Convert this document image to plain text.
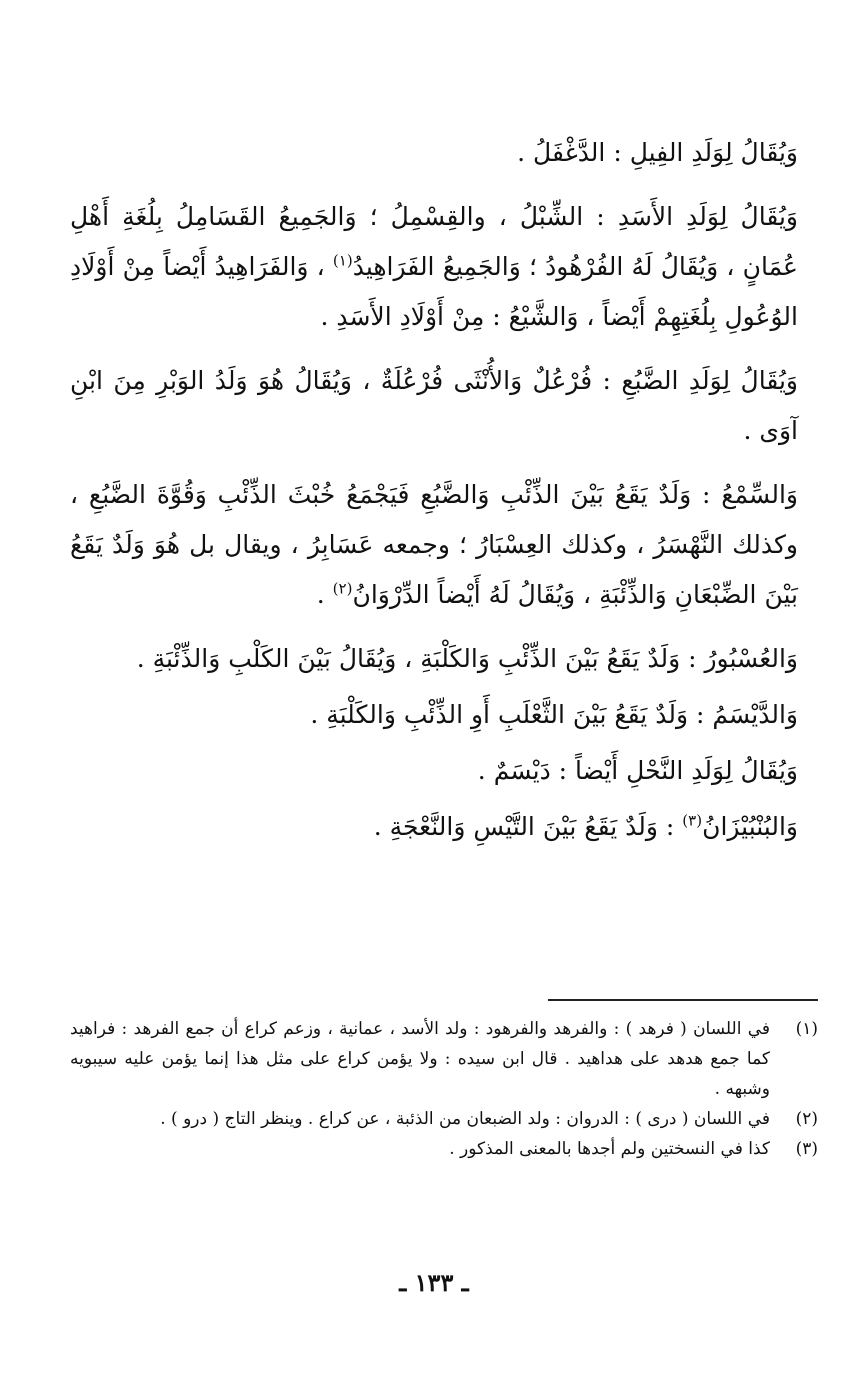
وَيُقَالُ لِوَلَدِ الفِيلِ : الدَّغْفَلُ .

وَيُقَالُ لِوَلَدِ الأَسَدِ : الشِّبْلُ ، والقِسْمِلُ ؛ وَالجَمِيعُ القَسَامِلُ بِلُغَةِ أَهْلِ عُمَانٍ ، وَيُقَالُ لَهُ الفُرْهُودُ ؛ وَالجَمِيعُ الفَرَاهِيدُ$^{(١)}$ ، وَالفَرَاهِيدُ أَيْضاً مِنْ أَوْلَادِ الوُعُولِ بِلُغَتِهِمْ أَيْضاً ، وَالشَّيْعُ : مِنْ أَوْلَادِ الأَسَدِ .

وَيُقَالُ لِوَلَدِ الضَّبُعِ : فُرْعُلٌ وَالأُنْثَى فُرْعُلَةٌ ، وَيُقَالُ هُوَ وَلَدُ الوَبْرِ مِنَ ابْنِ آوَى .

وَالسِّمْعُ : وَلَدٌ يَقَعُ بَيْنَ الذِّئْبِ وَالضَّبُعِ فَيَجْمَعُ خُبْثَ الذِّئْبِ وَقُوَّةَ الضَّبُعِ ، وكذلك النَّهْسَرُ ، وكذلك العِسْبَارُ ؛ وجمعه عَسَابِرُ ، ويقال بل هُوَ وَلَدٌ يَقَعُ بَيْنَ الضِّبْعَانِ وَالذِّئْبَةِ ، وَيُقَالُ لَهُ أَيْضاً الدِّرْوَانُ$^{(٢)}$ .

وَالعُسْبُورُ : وَلَدٌ يَقَعُ بَيْنَ الذِّئْبِ وَالكَلْبَةِ ، وَيُقَالُ بَيْنَ الكَلْبِ وَالذِّئْبَةِ .

وَالدَّيْسَمُ : وَلَدٌ يَقَعُ بَيْنَ الثَّعْلَبِ أَوِ الذِّئْبِ وَالكَلْبَةِ .

وَيُقَالُ لِوَلَدِ النَّحْلِ أَيْضاً : دَيْسَمٌ .

وَالبُنْبُيْزَانُ$^{(٣)}$ : وَلَدٌ يَقَعُ بَيْنَ التَّيْسِ وَالنَّعْجَةِ .

(١)
في اللسان ( فرهد ) : والفرهد والفرهود : ولد الأسد ، عمانية ، وزعم كراع أن جمع الفرهد : فراهيد كما جمع هدهد على هداهيد . قال ابن سيده : ولا يؤمن كراع على مثل هذا إنما يؤمن عليه سيبويه وشبهه .
(٢)
في اللسان ( درى ) : الدروان : ولد الضبعان من الذئبة ، عن كراع . وينظر التاج ( درو ) .
(٣)
كذا في النسختين ولم أجدها بالمعنى المذكور .
ـ ١٣٣ ـ
